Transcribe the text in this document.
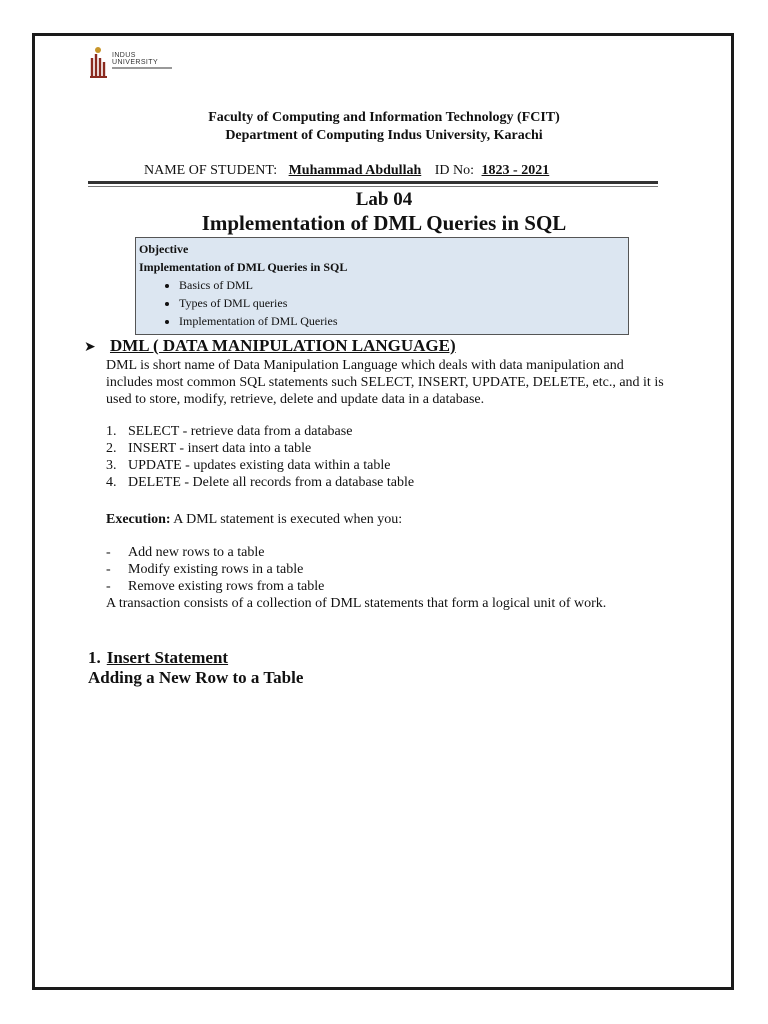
INDUS UNIVERSITY
Faculty of Computing and Information Technology (FCIT)
Department of Computing Indus University, Karachi
NAME OF STUDENT: Muhammad Abdullah ID No: 1823 - 2021
Lab 04
Implementation of DML Queries in SQL
Objective
Implementation of DML Queries in SQL
• Basics of DML
• Types of DML queries
• Implementation of DML Queries
➤ DML ( DATA MANIPULATION LANGUAGE)
DML is short name of Data Manipulation Language which deals with data manipulation and includes most common SQL statements such SELECT, INSERT, UPDATE, DELETE, etc., and it is used to store, modify, retrieve, delete and update data in a database.
1. SELECT - retrieve data from a database
2. INSERT - insert data into a table
3. UPDATE - updates existing data within a table
4. DELETE - Delete all records from a database table
Execution: A DML statement is executed when you:
- Add new rows to a table
- Modify existing rows in a table
- Remove existing rows from a table
A transaction consists of a collection of DML statements that form a logical unit of work.
1. Insert Statement
Adding a New Row to a Table
